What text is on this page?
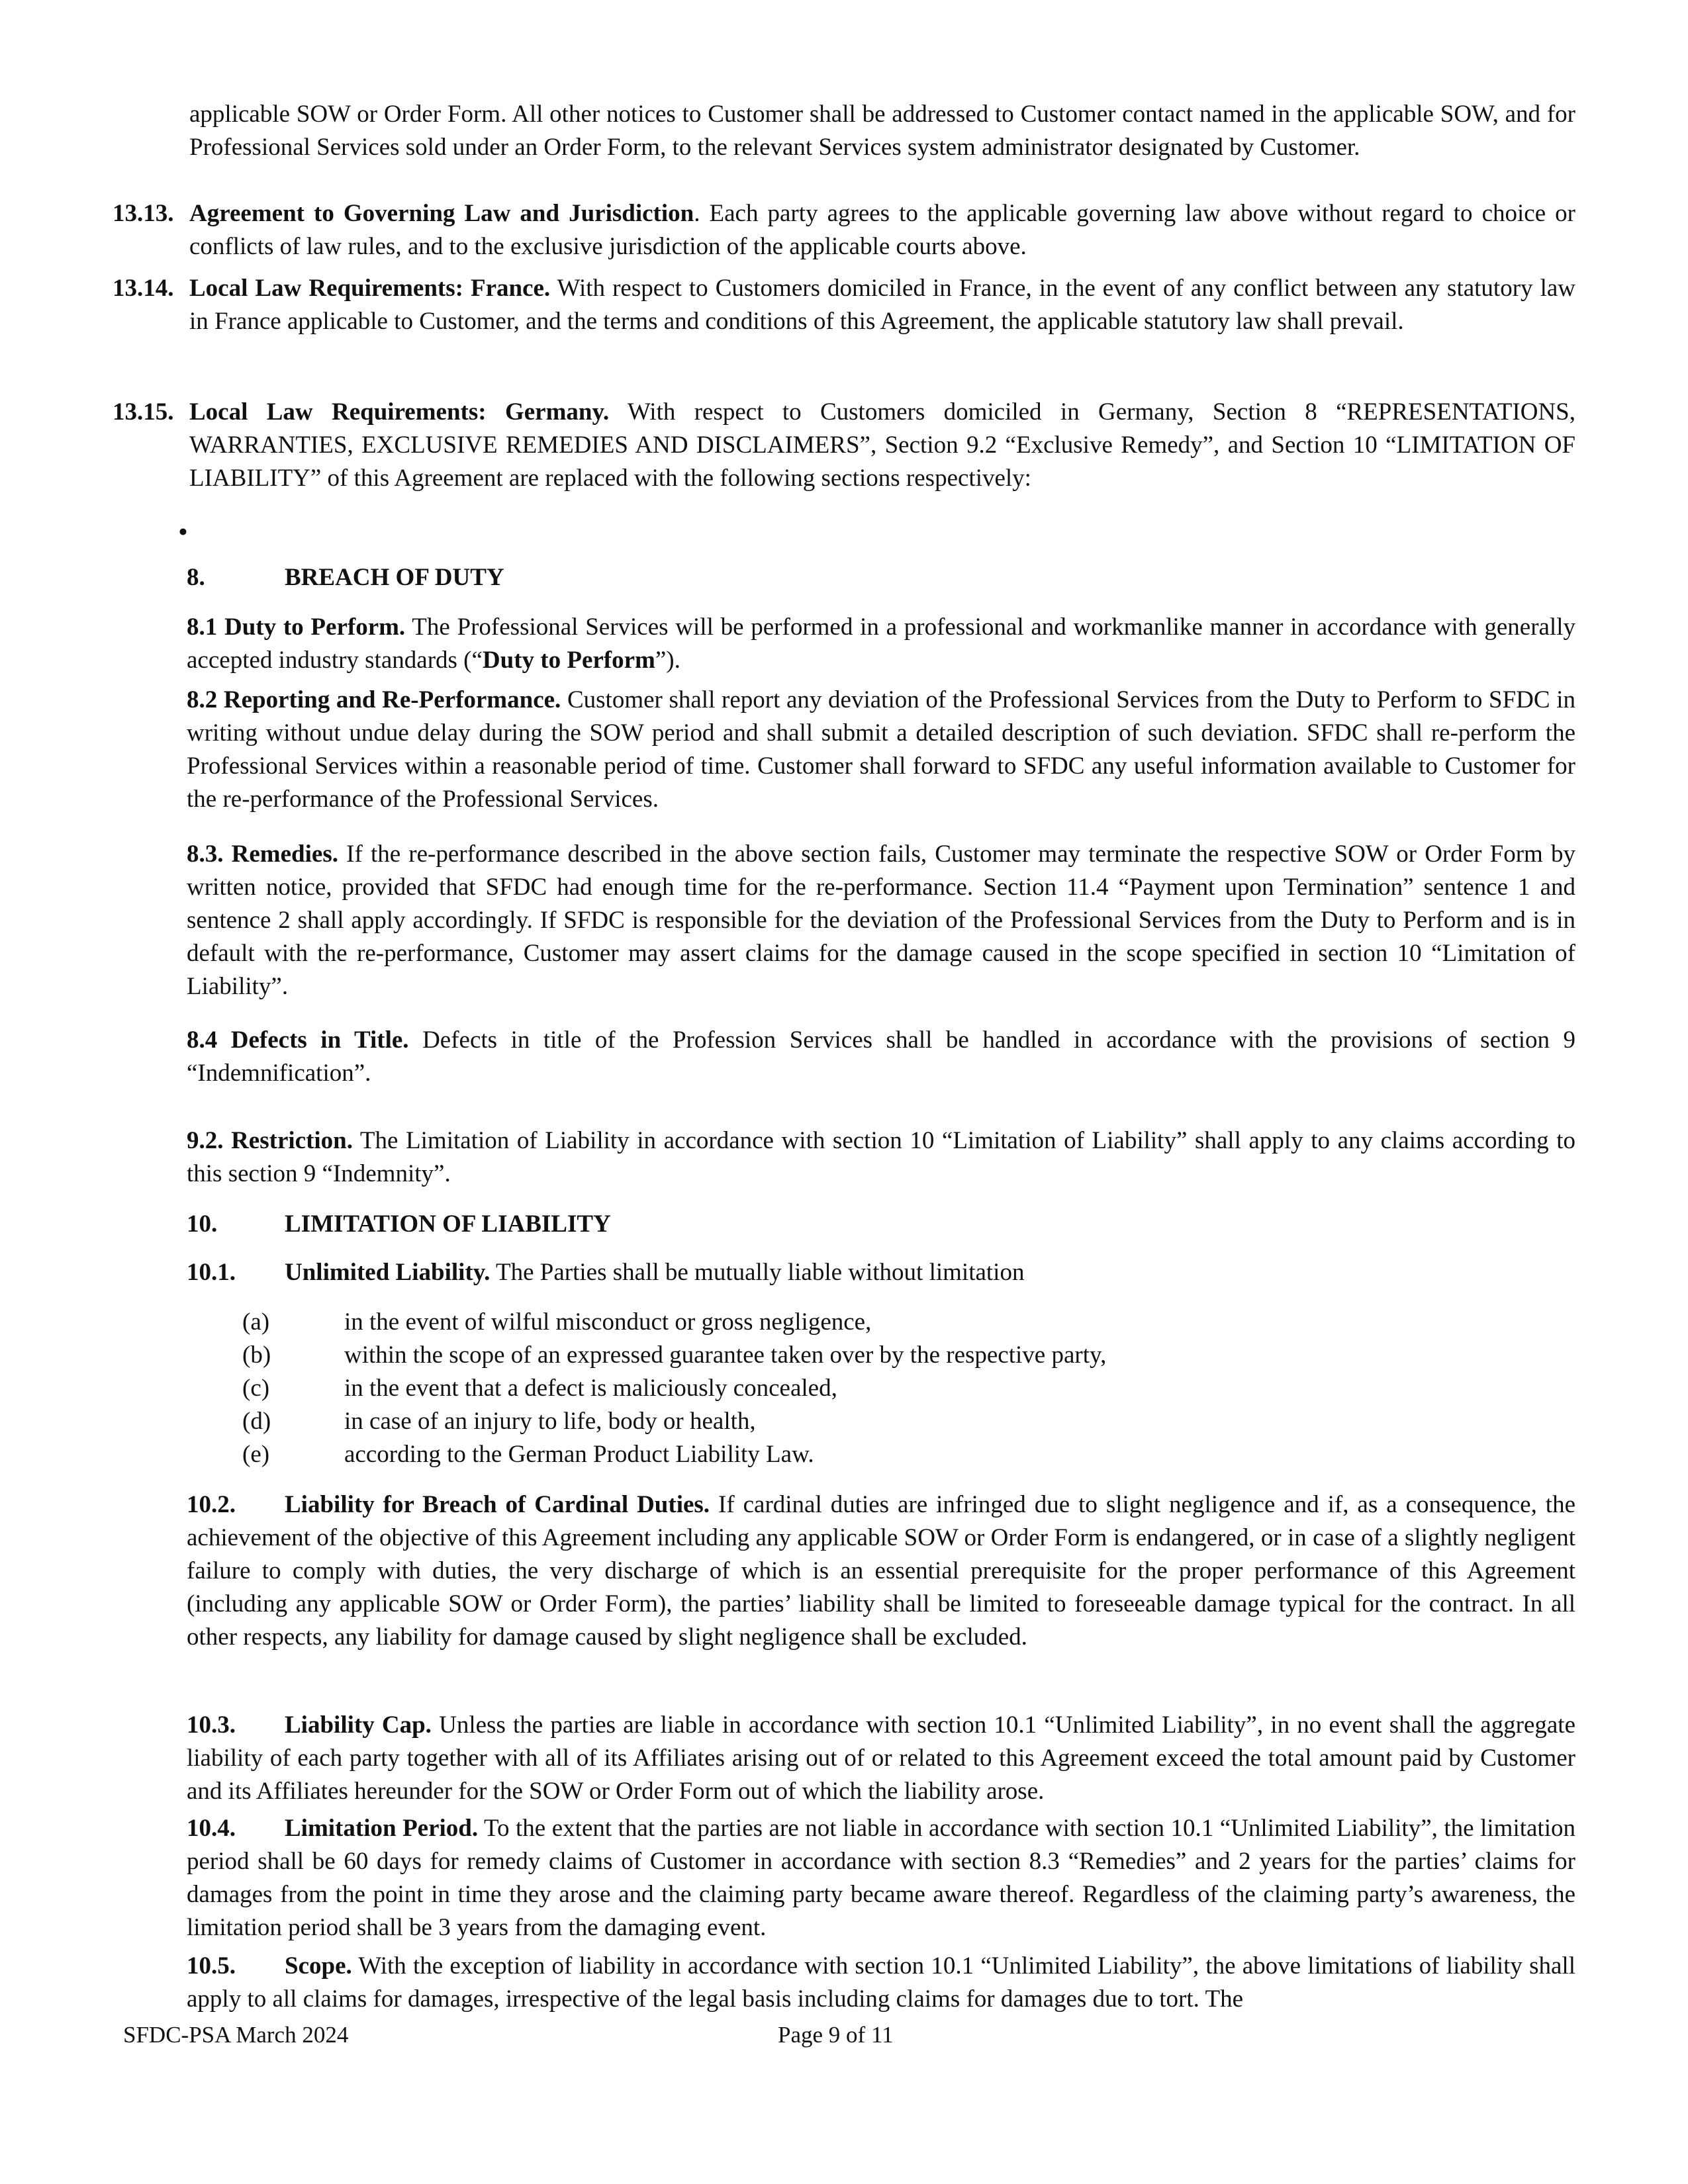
applicable SOW or Order Form. All other notices to Customer shall be addressed to Customer contact named in the applicable SOW, and for Professional Services sold under an Order Form, to the relevant Services system administrator designated by Customer.

13.13. Agreement to Governing Law and Jurisdiction. Each party agrees to the applicable governing law above without regard to choice or conflicts of law rules, and to the exclusive jurisdiction of the applicable courts above.
13.14. Local Law Requirements: France. With respect to Customers domiciled in France, in the event of any conflict between any statutory law in France applicable to Customer, and the terms and conditions of this Agreement, the applicable statutory law shall prevail.
13.15. Local Law Requirements: Germany. With respect to Customers domiciled in Germany, Section 8 “REPRESENTATIONS, WARRANTIES, EXCLUSIVE REMEDIES AND DISCLAIMERS”, Section 9.2 “Exclusive Remedy”, and Section 10 “LIMITATION OF LIABILITY” of this Agreement are replaced with the following sections respectively:
•
8.	BREACH OF DUTY
8.1 Duty to Perform. The Professional Services will be performed in a professional and workmanlike manner in accordance with generally accepted industry standards (“Duty to Perform”).
8.2 Reporting and Re-Performance. Customer shall report any deviation of the Professional Services from the Duty to Perform to SFDC in writing without undue delay during the SOW period and shall submit a detailed description of such deviation. SFDC shall re-perform the Professional Services within a reasonable period of time. Customer shall forward to SFDC any useful information available to Customer for the re-performance of the Professional Services.
8.3. Remedies. If the re-performance described in the above section fails, Customer may terminate the respective SOW or Order Form by written notice, provided that SFDC had enough time for the re-performance. Section 11.4 “Payment upon Termination” sentence 1 and sentence 2 shall apply accordingly. If SFDC is responsible for the deviation of the Professional Services from the Duty to Perform and is in default with the re-performance, Customer may assert claims for the damage caused in the scope specified in section 10 “Limitation of Liability”.
8.4 Defects in Title. Defects in title of the Profession Services shall be handled in accordance with the provisions of section 9 “Indemnification”.
9.2. Restriction. The Limitation of Liability in accordance with section 10 “Limitation of Liability” shall apply to any claims according to this section 9 “Indemnity”.
10.	LIMITATION OF LIABILITY
10.1. Unlimited Liability. The Parties shall be mutually liable without limitation
(a)	in the event of wilful misconduct or gross negligence,
(b)	within the scope of an expressed guarantee taken over by the respective party,
(c)	in the event that a defect is maliciously concealed,
(d)	in case of an injury to life, body or health,
(e)	according to the German Product Liability Law.
10.2.   Liability for Breach of Cardinal Duties. If cardinal duties are infringed due to slight negligence and if, as a consequence, the achievement of the objective of this Agreement including any applicable SOW or Order Form is endangered, or in case of a slightly negligent failure to comply with duties, the very discharge of which is an essential prerequisite for the proper performance of this Agreement (including any applicable SOW or Order Form), the parties’ liability shall be limited to foreseeable damage typical for the contract. In all other respects, any liability for damage caused by slight negligence shall be excluded.
10.3.   Liability Cap. Unless the parties are liable in accordance with section 10.1 “Unlimited Liability”, in no event shall the aggregate liability of each party together with all of its Affiliates arising out of or related to this Agreement exceed the total amount paid by Customer and its Affiliates hereunder for the SOW or Order Form out of which the liability arose.
10.4.   Limitation Period. To the extent that the parties are not liable in accordance with section 10.1 “Unlimited Liability”, the limitation period shall be 60 days for remedy claims of Customer in accordance with section 8.3 “Remedies” and 2 years for the parties’ claims for damages from the point in time they arose and the claiming party became aware thereof. Regardless of the claiming party’s awareness, the limitation period shall be 3 years from the damaging event.
10.5.   Scope. With the exception of liability in accordance with section 10.1 “Unlimited Liability”, the above limitations of liability shall apply to all claims for damages, irrespective of the legal basis including claims for damages due to tort. The
SFDC-PSA March 2024	Page 9 of 11
